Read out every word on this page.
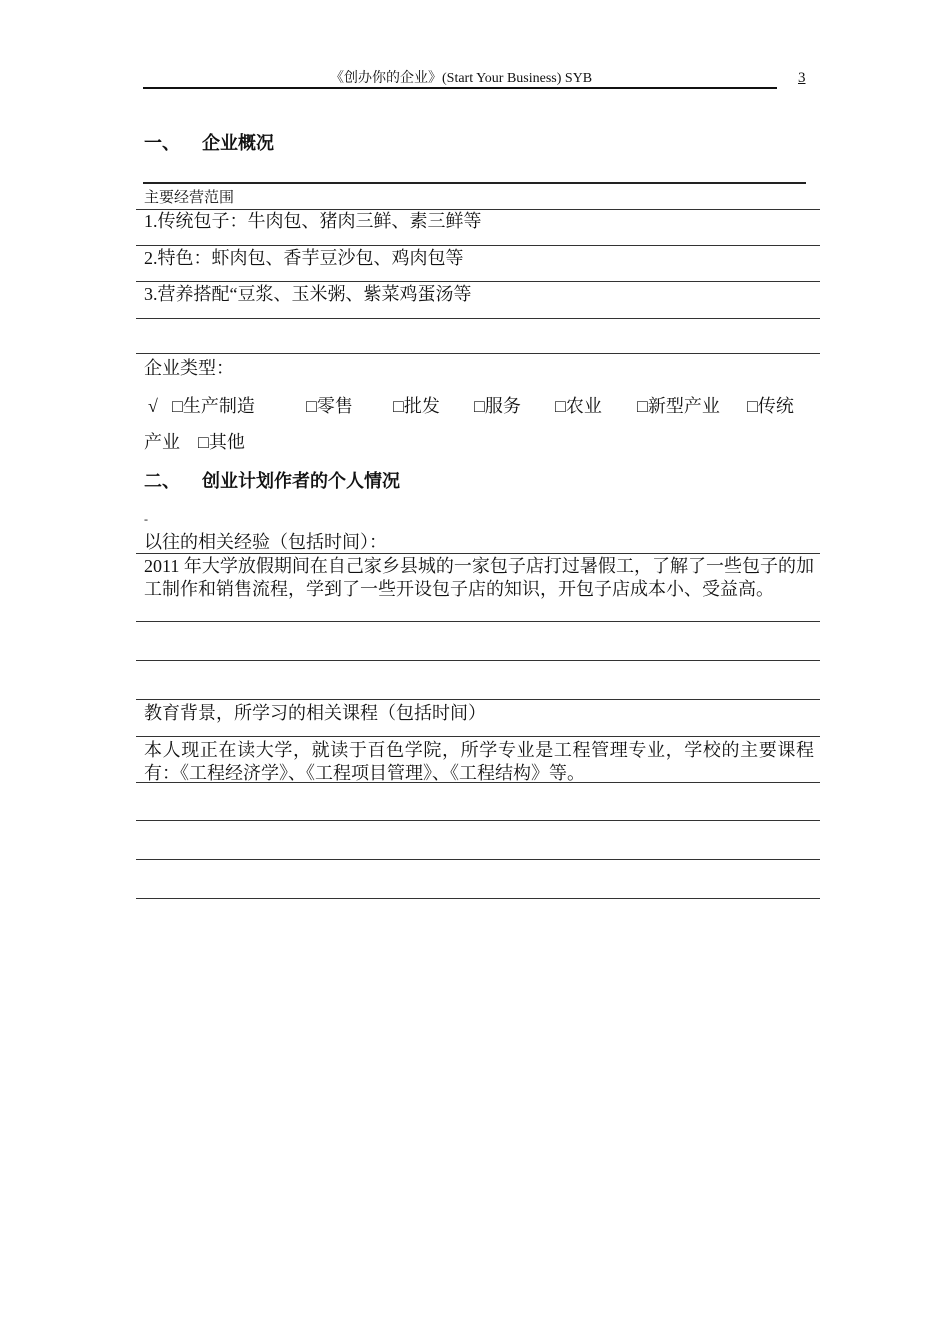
《创办你的企业》(Start Your Business) SYB	3
一、 企业概况
主要经营范围
1.传统包子：牛肉包、猪肉三鲜、素三鲜等
2.特色：虾肉包、香芋豆沙包、鸡肉包等
3.营养搭配“豆浆、玉米粥、紫菜鸡蛋汤等
企业类型：
√ □生产制造	□零售 □批发 □服务 □农业 □新型产业 □传统
产业 □其他
二、 创业计划作者的个人情况
-
以往的相关经验（包括时间）：
2011 年大学放假期间在自己家乡县城的一家包子店打过暑假工，了解了一些包子的加工制作和销售流程，学到了一些开设包子店的知识，开包子店成本小、受益高。
教育背景，所学习的相关课程（包括时间）
本人现正在读大学，就读于百色学院，所学专业是工程管理专业，学校的主要课程有：《工程经济学》、《工程项目管理》、《工程结构》等。
